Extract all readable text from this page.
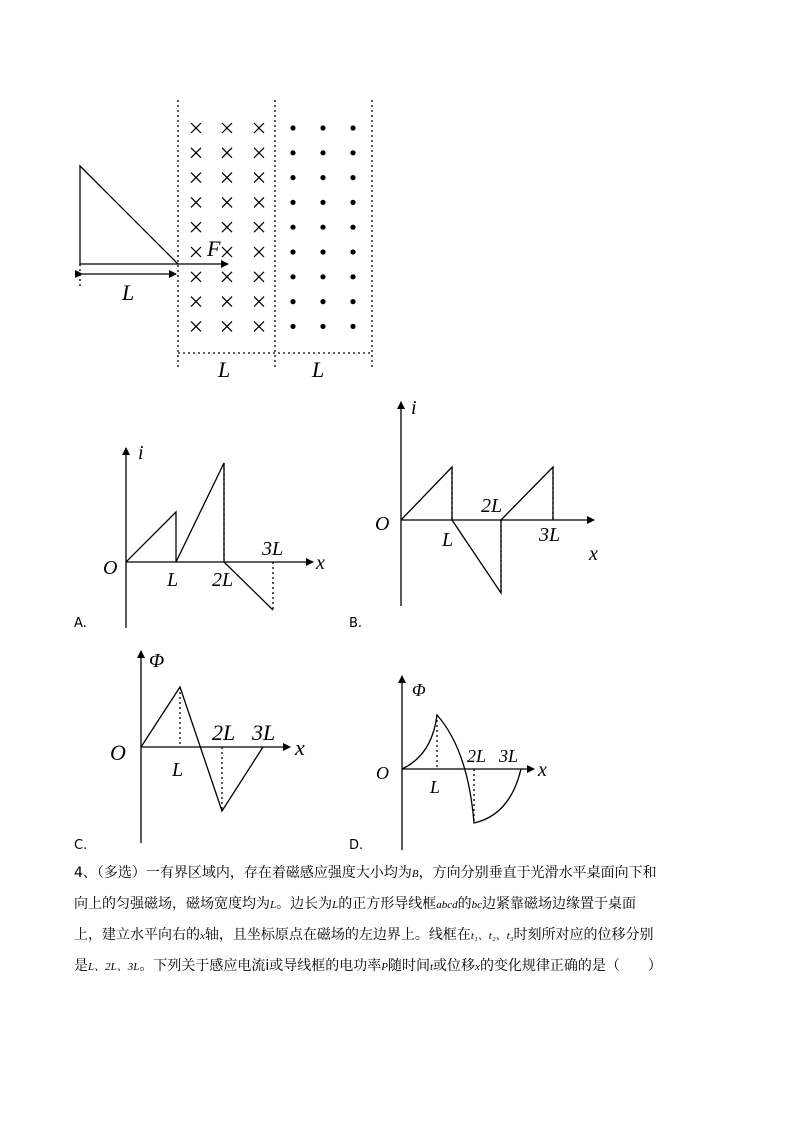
F
L
L	L
i
x
O
L 2L
3L
A.
i
x
O
L
2L
3L
B.
Φ
x
O
L
2L 3L
C.
Φ
x
O
L
2L 3L
D.
4、（多选）一有界区域内，存在着磁感应强度大小均为B，方向分别垂直于光滑水平桌面向下和
向上的匀强磁场，磁场宽度均为L。边长为L的正方形导线框abcd的bc边紧靠磁场边缘置于桌面
上，建立水平向右的x轴，且坐标原点在磁场的左边界上。线框在t₁、t₂、t₃时刻所对应的位移分别
是L、2L、3L。下列关于感应电流i或导线框的电功率P随时间t或位移x的变化规律正确的是（　　）
